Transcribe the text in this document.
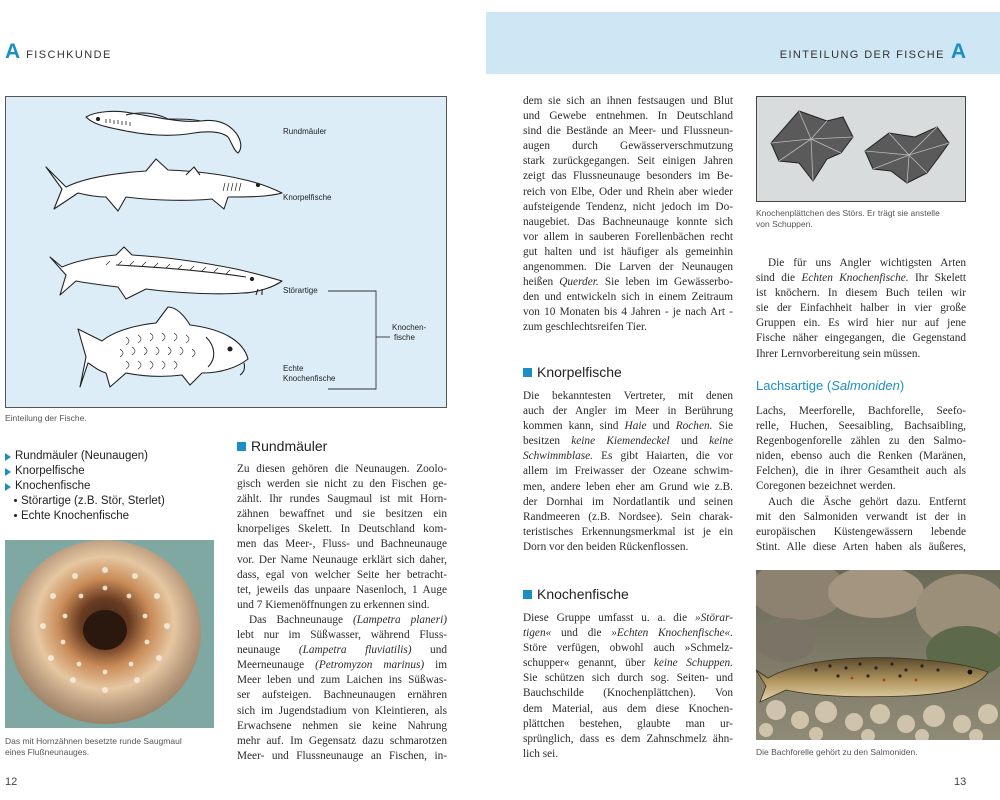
A FISCHKUNDE	EINTEILUNG DER FISCHE A
Rundmäuler
Knorpelfische
Störartige
Echte
Knochenfische
Knochen-
fische
Einteilung der Fische.
Rundmäuler (Neunaugen)
Knorpelfische
Knochenfische
Störartige (z.B. Stör, Sterlet)
Echte Knochenfische
Das mit Hornzähnen besetzte runde Saugmaul
eines Flußneunauges.
Rundmäuler
Zu diesen gehören die Neunaugen. Zoolo-
gisch werden sie nicht zu den Fischen ge-
zählt. Ihr rundes Saugmaul ist mit Horn-
zähnen bewaffnet und sie besitzen ein
knorpeliges Skelett. In Deutschland kom-
men das Meer-, Fluss- und Bachneunauge
vor. Der Name Neunauge erklärt sich daher,
dass, egal von welcher Seite her betracht-
tet, jeweils das unpaare Nasenloch, 1 Auge
und 7 Kiemenöffnungen zu erkennen sind.
Das Bachneunauge (Lampetra planeri)
lebt nur im Süßwasser, während Fluss-
neunauge (Lampetra fluviatilis) und
Meerneunauge (Petromyzon marinus) im
Meer leben und zum Laichen ins Süßwas-
ser aufsteigen. Bachneunaugen ernähren
sich im Jugendstadium von Kleintieren, als
Erwachsene nehmen sie keine Nahrung
mehr auf. Im Gegensatz dazu schmarotzen
Meer- und Flussneunauge an Fischen, in-
dem sie sich an ihnen festsaugen und Blut
und Gewebe entnehmen. In Deutschland
sind die Bestände an Meer- und Flussneun-
augen durch Gewässerverschmutzung
stark zurückgegangen. Seit einigen Jahren
zeigt das Flussneunauge besonders im Be-
reich von Elbe, Oder und Rhein aber wieder
aufsteigende Tendenz, nicht jedoch im Do-
naugebiet. Das Bachneunauge konnte sich
vor allem in sauberen Forellenbächen recht
gut halten und ist häufiger als gemeinhin
angenommen. Die Larven der Neunaugen
heißen Querder. Sie leben im Gewässerbo-
den und entwickeln sich in einem Zeitraum
von 10 Monaten bis 4 Jahren - je nach Art -
zum geschlechtsreifen Tier.
Knorpelfische
Die bekanntesten Vertreter, mit denen
auch der Angler im Meer in Berührung
kommen kann, sind Haie und Rochen. Sie
besitzen keine Kiemendeckel und keine
Schwimmblase. Es gibt Haiarten, die vor
allem im Freiwasser der Ozeane schwim-
men, andere leben eher am Grund wie z.B.
der Dornhai im Nordatlantik und seinen
Randmeeren (z.B. Nordsee). Sein charak-
teristisches Erkennungsmerkmal ist je ein
Dorn vor den beiden Rückenflossen.
Knochenfische
Diese Gruppe umfasst u. a. die »Störar-
tigen« und die »Echten Knochenfische«.
Störe verfügen, obwohl auch »Schmelz-
schupper« genannt, über keine Schuppen.
Sie schützen sich durch sog. Seiten- und
Bauchschilde (Knochenplättchen). Von
dem Material, aus dem diese Knochen-
plättchen bestehen, glaubte man ur-
sprünglich, dass es dem Zahnschmelz ähn-
lich sei.
Knochenplättchen des Störs. Er trägt sie anstelle
von Schuppen.
Die für uns Angler wichtigsten Arten
sind die Echten Knochenfische. Ihr Skelett
ist knöchern. In diesem Buch teilen wir
sie der Einfachheit halber in vier große
Gruppen ein. Es wird hier nur auf jene
Fische näher eingegangen, die Gegenstand
Ihrer Lernvorbereitung sein müssen.
Lachsartige (Salmoniden)
Lachs, Meerforelle, Bachforelle, Seefo-
relle, Huchen, Seesaibling, Bachsaibling,
Regenbogenforelle zählen zu den Salmo-
niden, ebenso auch die Renken (Maränen,
Felchen), die in ihrer Gesamtheit auch als
Coregonen bezeichnet werden.
Auch die Äsche gehört dazu. Entfernt
mit den Salmoniden verwandt ist der in
europäischen Küstengewässern lebende
Stint. Alle diese Arten haben als äußeres,
Die Bachforelle gehört zu den Salmoniden.
12	13
